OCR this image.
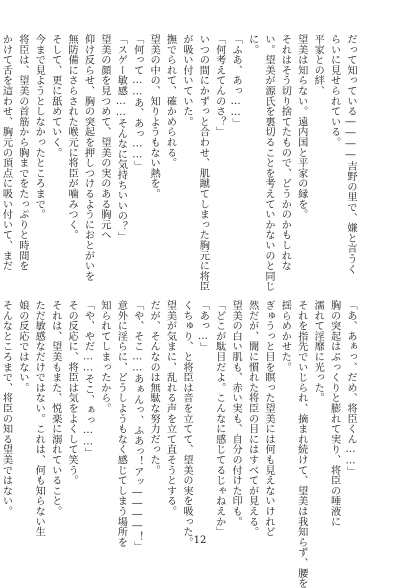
だって知っている――――吉野の里で、嫌と言うく
らいに見せられている。
平家との絆、
望美は知らない。遠内国と平家の縁を。
それはそう切り捨てたもので、どうかのかもしれな
い。望美が源氏を裏切ることを考えていかないのと同じ
に。
「ふあ、あっ……」
「何考えてんのさ？」
いつの間にかずっと合わせ、肌蹴てしまった胸元に将臣
が吸い付いていた。
撫でられて、確かめられる。
望美の中の、知りようもない熱を。
「何って……あ、あっ……」
「スゲー敏感……そんなに気持ちいいの？」
望美の顔を見つめて、望美の実のある胸元へ
仰け反らせ、胸の突起を押しつけるようにおとがいを
無防備にさらされた喉元に将臣が噛みつく。
そして、更に舐めていく。
今まで見ようとしなかったところまで。
将臣は、望美の首筋から胸までをたっぷりと時間を
かけて舌を這わせ、胸元の頂点に吸い付いて、まだ
「あ、あぁっ、だめ、将臣くん……」
胸の突起はぷっくりと膨れて実り、将臣の唾液に
濡れて淫靡に光った。
それを指先でいじられ、摘まれ続けて、望美は我知らず、腰を
揺らめかせた。
ぎゅうっと目を瞑った望美には何も見えないけれど
然だが、闇に慣れた将臣の目にはすべてが見える。
望美の白い肌も、赤い実も、自分の付けた印も。
「どこが駄目だよ。こんなに感じてるじゃねえか」
「あっ…」
くちゅり、と将臣は音を立てて、望美の実を吸った。
望美が気まに、乱れる声を立て直そうとする。
だが、そんなのは無駄な努力だった。
「や、そこ……あぁんっ、ふあっ！アッ――――！」
意外に淫らに、どうしようもなく感じてしまう場所を
知られてしまったから。
「や、やだ……そこ、ぁっ……」
その反応に、将臣は気をよくして笑う。
それは、望美もまた、悦楽に溺れていること。
ただ敏感なだけではない。これは、何も知らない生
娘の反応ではない。
そんなところまで、将臣の知る望美ではない。
12
